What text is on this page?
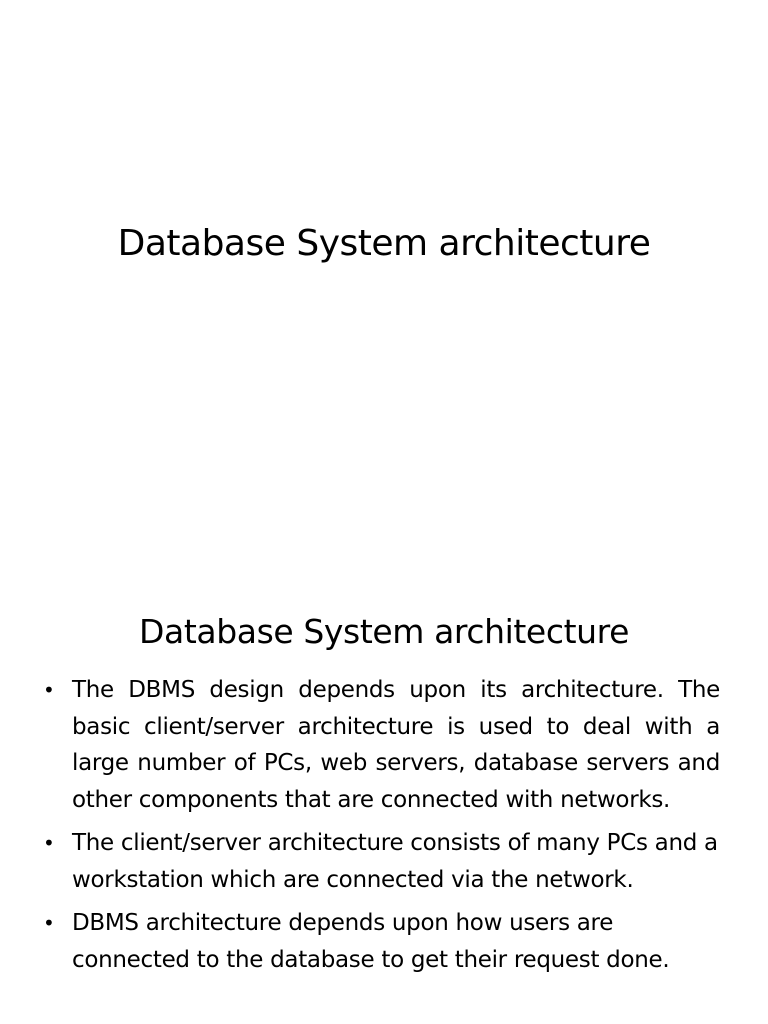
Database System architecture
Database System architecture
• The DBMS design depends upon its architecture. The basic client/server architecture is used to deal with a large number of PCs, web servers, database servers and other components that are connected with networks.
• The client/server architecture consists of many PCs and a workstation which are connected via the network.
• DBMS architecture depends upon how users are connected to the database to get their request done.
